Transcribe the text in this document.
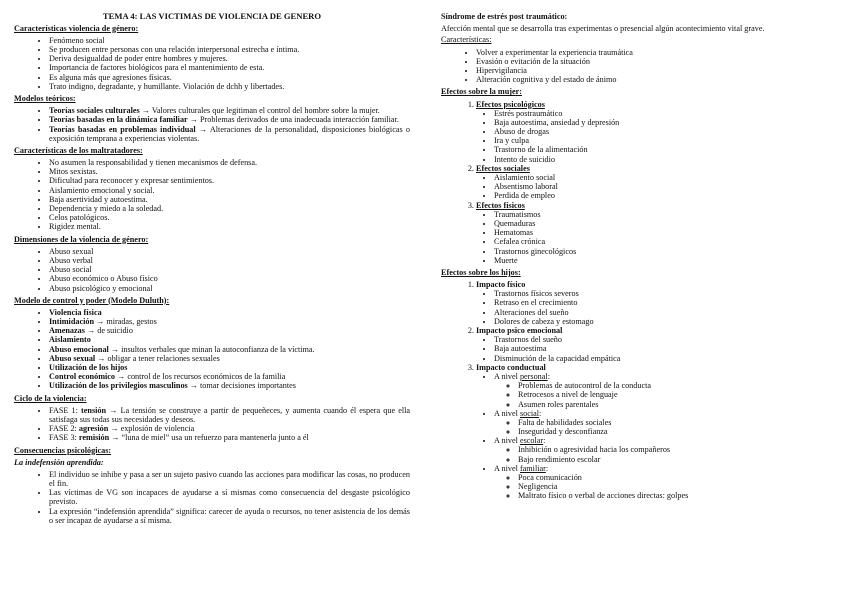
TEMA 4: LAS VICTIMAS DE VIOLENCIA DE GENERO
Características violencia de género:
• Fenómeno social
• Se producen entre personas con una relación interpersonal estrecha e íntima.
• Deriva desigualdad de poder entre hombres y mujeres.
• Importancia de factores biológicos para el mantenimiento de esta.
• Es alguna más que agresiones físicas.
• Trato indigno, degradante, y humillante. Violación de dchh y libertades.
Modelos teóricos:
• Teorías sociales culturales → Valores culturales que legitiman el control del hombre sobre la mujer.
• Teorías basadas en la dinámica familiar → Problemas derivados de una inadecuada interacción familiar.
• Teorías basadas en problemas individual → Alteraciones de la personalidad, disposiciones biológicas o exposición temprana a experiencias violentas.
Características de los maltratadores:
• No asumen la responsabilidad y tienen mecanismos de defensa.
• Mitos sexistas.
• Dificultad para reconocer y expresar sentimientos.
• Aislamiento emocional y social.
• Baja asertividad y autoestima.
• Dependencia y miedo a la soledad.
• Celos patológicos.
• Rigidez mental.
Dimensiones de la violencia de género:
• Abuso sexual
• Abuso verbal
• Abuso social
• Abuso económico o Abuso físico
• Abuso psicológico y emocional
Modelo de control y poder (Modelo Duluth):
• Violencia física
• Intimidación → miradas, gestos
• Amenazas → de suicidio
• Aislamiento
• Abuso emocional → insultos verbales que minan la autoconfianza de la víctima.
• Abuso sexual → obligar a tener relaciones sexuales
• Utilización de los hijos
• Control económico → control de los recursos económicos de la familia
• Utilización de los privilegios masculinos → tomar decisiones importantes
Ciclo de la violencia:
• FASE 1: tensión → La tensión se construye a partir de pequeñeces, y aumenta cuando él espera que ella satisfaga sus todas sus necesidades y deseos.
• FASE 2: agresión → explosión de violencia
• FASE 3: remisión → “luna de miel” usa un refuerzo para mantenerla junto a él
Consecuencias psicológicas:
La indefensión aprendida:
• El individuo se inhibe y pasa a ser un sujeto pasivo cuando las acciones para modificar las cosas, no producen el fin.
• Las víctimas de VG son incapaces de ayudarse a sí mismas como consecuencia del desgaste psicológico previsto.
• La expresión “indefensión aprendida” significa: carecer de ayuda o recursos, no tener asistencia de los demás o ser incapaz de ayudarse a sí misma.
Síndrome de estrés post traumático:
Afección mental que se desarrolla tras experimentas o presencial algún acontecimiento vital grave.
Características:
• Volver a experimentar la experiencia traumática
• Evasión o evitación de la situación
• Hipervigilancia
• Alteración cognitiva y del estado de ánimo
Efectos sobre la mujer:
1. Efectos psicológicos
• Estrés postraumático
• Baja autoestima, ansiedad y depresión
• Abuso de drogas
• Ira y culpa
• Trastorno de la alimentación
• Intento de suicidio
2. Efectos sociales
• Aislamiento social
• Absentismo laboral
• Perdida de empleo
3. Efectos físicos
• Traumatismos
• Quemaduras
• Hematomas
• Cefalea crónica
• Trastornos ginecológicos
• Muerte
Efectos sobre los hijos:
1. Impacto físico
• Trastornos físicos severos
• Retraso en el crecimiento
• Alteraciones del sueño
• Dolores de cabeza y estomago
2. Impacto psico emocional
• Trastornos del sueño
• Baja autoestima
• Disminución de la capacidad empática
3. Impacto conductual
• A nivel personal:
◦ Problemas de autocontrol de la conducta
◦ Retrocesos a nivel de lenguaje
◦ Asumen roles parentales
• A nivel social:
◦ Falta de habilidades sociales
◦ Inseguridad y desconfianza
• A nivel escolar:
◦ Inhibición o agresividad hacia los compañeros
◦ Bajo rendimiento escolar
• A nivel familiar:
◦ Poca comunicación
◦ Negligencia
◦ Maltrato físico o verbal de acciones directas: golpes
